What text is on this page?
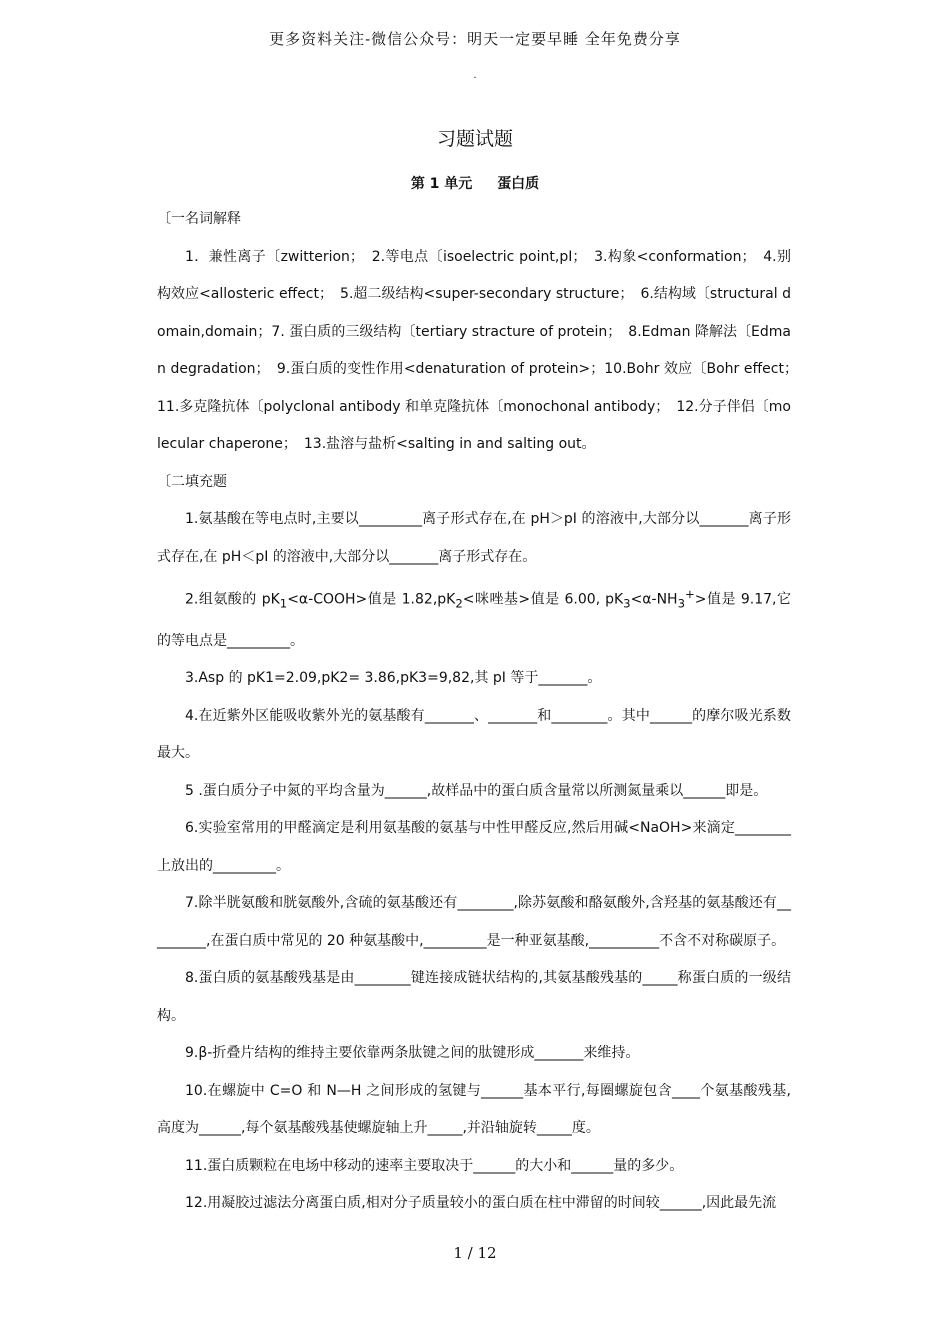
更多资料关注-微信公众号：明天一定要早睡 全年免费分享
.
习题试题
第 1 单元 蛋白质

〔一名词解释

1．兼性离子〔zwitterion；　2.等电点〔isoelectric point,pI；　3.构象<conformation；　4.别构效应<allosteric effect；　5.超二级结构<super-secondary structure；　6.结构域〔structural domain,domain；7. 蛋白质的三级结构〔tertiary stracture of protein；　8.Edman 降解法〔Edman degradation；　9.蛋白质的变性作用<denaturation of protein>；10.Bohr 效应〔Bohr effect；　11.多克隆抗体〔polyclonal antibody 和单克隆抗体〔monochonal antibody；　12.分子伴侣〔molecular chaperone；　13.盐溶与盐析<salting in and salting out。

〔二填充题

1.氨基酸在等电点时,主要以_________离子形式存在,在 pH＞pI 的溶液中,大部分以_______离子形式存在,在 pH＜pI 的溶液中,大部分以_______离子形式存在。

2.组氨酸的 $pK_1<\alpha-COOH>$值是 $1.82,pK_2<$咪唑基>值是 6.00, $pK_3<\alpha-NH_3^+>$值是 9.17,它的等电点是_________。

3.Asp 的 pK1=2.09,pK2= 3.86,pK3=9,82,其 pI 等于_______。

4.在近紫外区能吸收紫外光的氨基酸有_______、_______和________。其中______的摩尔吸光系数最大。

5 .蛋白质分子中氮的平均含量为______,故样品中的蛋白质含量常以所测氮量乘以______即是。

6.实验室常用的甲醛滴定是利用氨基酸的氨基与中性甲醛反应,然后用碱<NaOH>来滴定________上放出的_________。

7.除半胱氨酸和胱氨酸外,含硫的氨基酸还有________,除苏氨酸和酪氨酸外,含羟基的氨基酸还有_________,在蛋白质中常见的 20 种氨基酸中,_________是一种亚氨基酸,__________不含不对称碳原子。

8.蛋白质的氨基酸残基是由________键连接成链状结构的,其氨基酸残基的_____称蛋白质的一级结构。

9.β-折叠片结构的维持主要依靠两条肽键之间的肽键形成_______来维持。

10.在螺旋中 C=O 和 N—H 之间形成的氢键与______基本平行,每圈螺旋包含____个氨基酸残基,高度为______,每个氨基酸残基使螺旋轴上升_____,并沿轴旋转_____度。

11.蛋白质颗粒在电场中移动的速率主要取决于______的大小和______量的多少。

12.用凝胶过滤法分离蛋白质,相对分子质量较小的蛋白质在柱中滞留的时间较______,因此最先流

1 / 12
